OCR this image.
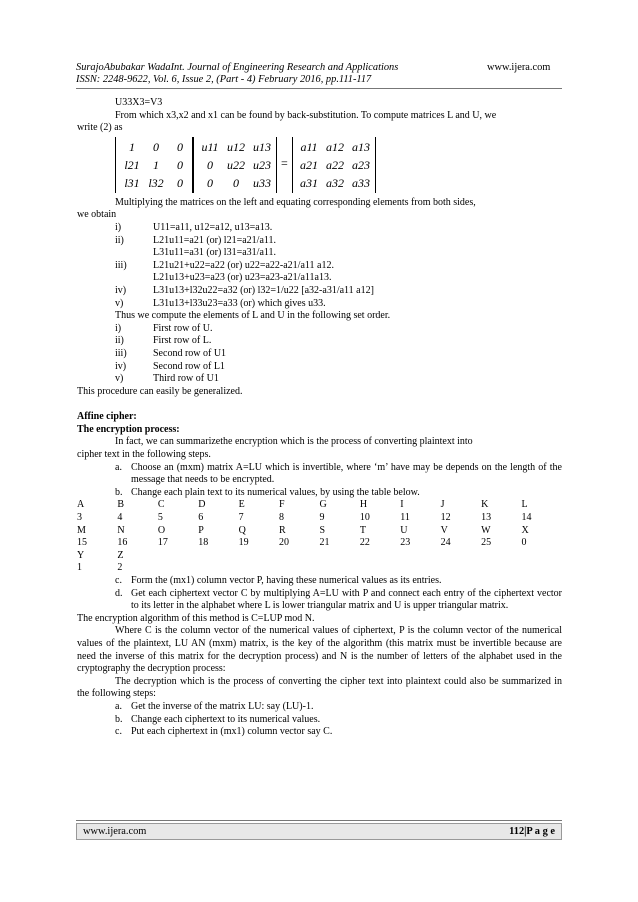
SurajoAbubakar WadaInt. Journal of Engineering Research and Applications	www.ijera.com
ISSN: 2248-9622, Vol. 6, Issue 2, (Part - 4) February 2016, pp.111-117
U33X3=V3
From which x3,x2 and x1 can be found by back-substitution. To compute matrices L and U, we
write (2) as
1	0	0
l21	1	0
l31 l32	0
u11 u12 u13
0	u22 u23
0	0	u33
=
a11 a12 a13
a21 a22 a23
a31 a32 a33
Multiplying the matrices on the left and equating corresponding elements from both sides,
we obtain
i)	U11=a11, u12=a12, u13=a13.
ii)	L21u11=a21 (or) l21=a21/a11.
L31u11=a31 (or) l31=a31/a11.
iii)	L21u21+u22=a22 (or) u22=a22-a21/a11 a12.
L21u13+u23=a23 (or) u23=a23-a21/a11a13.
iv)	L31u13+l32u22=a32 (or) l32=1/u22 [a32-a31/a11 a12]
v)	L31u13+l33u23=a33 (or) which gives u33.
Thus we compute the elements of L and U in the following set order.
i)	First row of U.
ii)	First row of L.
iii)	Second row of U1
iv)	Second row of L1
v)	Third row of U1
This procedure can easily be generalized.
Affine cipher:
The encryption process:
In fact, we can summarizethe encryption which is the process of converting plaintext into
cipher text in the following steps.
a. Choose an (mxm) matrix A=LU which is invertible, where ‘m’ have may be depends on the length of the message that needs to be encrypted.
b. Change each plain text to its numerical values, by using the table below.
A	B	C	D	E	F	G	H	I	J	K	L
3	4	5	6	7	8	9	10	11	12	13	14
M	N	O	P	Q	R	S	T	U	V	W	X
15	16	17	18	19	20	21	22	23	24	25	0
Y	Z										
1	2										
c. Form the (mx1) column vector P, having these numerical values as its entries.
d. Get each ciphertext vector C by multiplying A=LU with P and connect each entry of the ciphertext vector to its letter in the alphabet where L is lower triangular matrix and U is upper triangular matrix.
The encryption algorithm of this method is C=LUP mod N.
Where C is the column vector of the numerical values of ciphertext, P is the column vector of the numerical values of the plaintext, LU AN (mxm) matrix, is the key of the algorithm (this matrix must be invertible because are need the inverse of this matrix for the decryption process) and N is the number of letters of the alphabet used in the cryptography the decryption process:
The decryption which is the process of converting the cipher text into plaintext could also be summarized in the following steps:
a. Get the inverse of the matrix LU: say (LU)-1.
b. Change each ciphertext to its numerical values.
c. Put each ciphertext in (mx1) column vector say C.
www.ijera.com	112|P a g e
